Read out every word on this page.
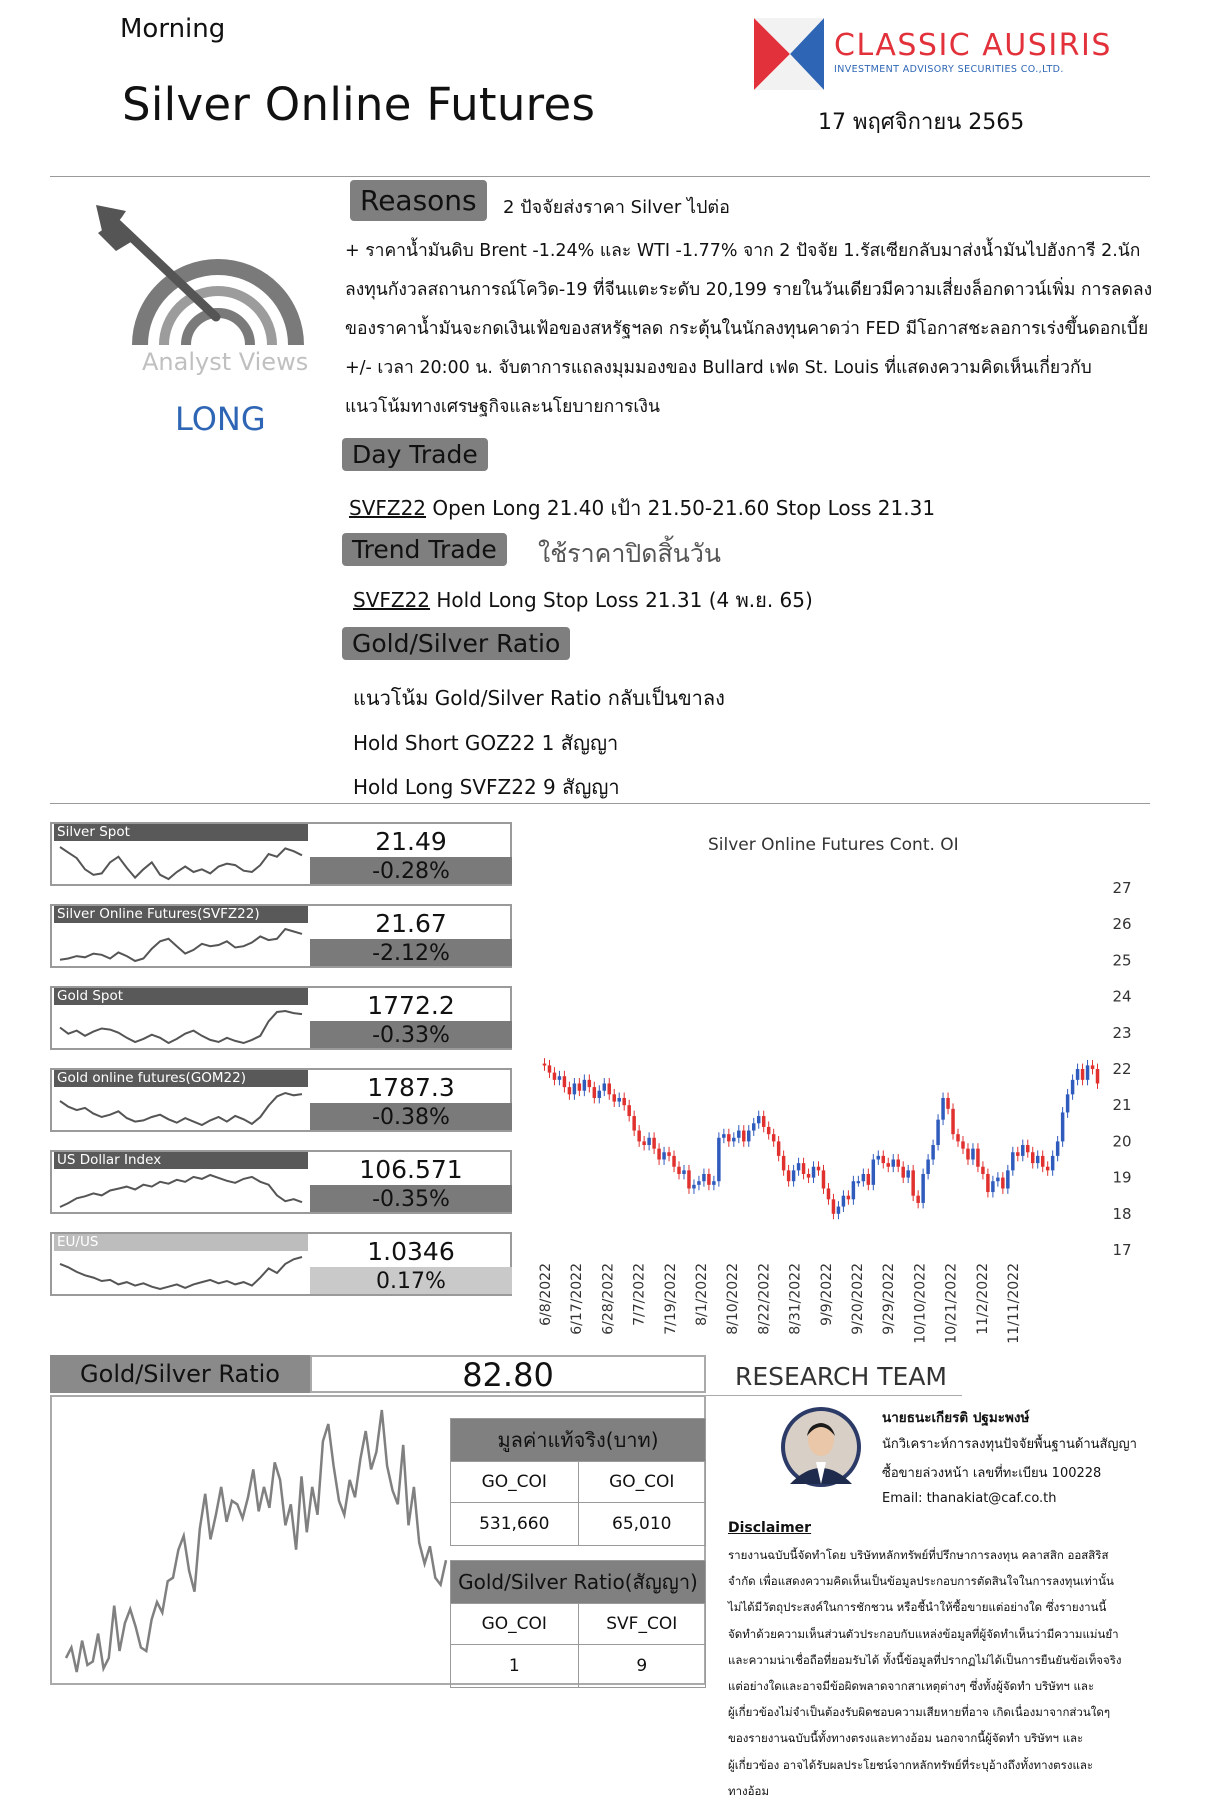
Morning
Silver Online Futures
CLASSIC AUSIRIS
INVESTMENT ADVISORY SECURITIES CO.,LTD.
17 พฤศจิกายน 2565
Analyst Views
LONG
Reasons	2 ปัจจัยส่งราคา Silver ไปต่อ
+ ราคาน้ำมันดิบ Brent -1.24% และ WTI -1.77% จาก 2 ปัจจัย 1.รัสเซียกลับมาส่งน้ำมันไปฮังการี 2.นัก
ลงทุนกังวลสถานการณ์โควิด-19 ที่จีนแตะระดับ 20,199 รายในวันเดียวมีความเสี่ยงล็อกดาวน์เพิ่ม การลดลง
ของราคาน้ำมันจะกดเงินเฟ้อของสหรัฐฯลด กระตุ้นในนักลงทุนคาดว่า FED มีโอกาสชะลอการเร่งขึ้นดอกเบี้ย
+/- เวลา 20:00 น. จับตาการแถลงมุมมองของ Bullard เฟด St. Louis ที่แสดงความคิดเห็นเกี่ยวกับ
แนวโน้มทางเศรษฐกิจและนโยบายการเงิน
Day Trade
SVFZ22 Open Long 21.40 เป้า 21.50-21.60 Stop Loss 21.31
Trend Trade	ใช้ราคาปิดสิ้นวัน
SVFZ22 Hold Long Stop Loss 21.31 (4 พ.ย. 65)
Gold/Silver Ratio
แนวโน้ม Gold/Silver Ratio กลับเป็นขาลง
Hold Short GOZ22 1 สัญญา
Hold Long SVFZ22 9 สัญญา
Silver Spot	21.49
-0.28%
Silver Online Futures(SVFZ22)	21.67
-2.12%
Gold Spot	1772.2
-0.33%
Gold online futures(GOM22)	1787.3
-0.38%
US Dollar Index	106.571
-0.35%
EU/US	1.0346
0.17%
Silver Online Futures Cont. OI
27
26
25
24
23
22
21
20
19
18
17
6/8/2022 6/17/2022 6/28/2022 7/7/2022 7/19/2022 8/1/2022 8/10/2022 8/22/2022 8/31/2022 9/9/2022 9/20/2022 9/29/2022 10/10/2022 10/21/2022 11/2/2022 11/11/2022
Gold/Silver Ratio	82.80
มูลค่าแท้จริง(บาท)	
GO_COI	GO_COI
531,660	65,010
Gold/Silver Ratio(สัญญา)	
GO_COI	SVF_COI
1	9
RESEARCH TEAM
นายธนะเกียรติ ปฐมะพงษ์
นักวิเคราะห์การลงทุนปัจจัยพื้นฐานด้านสัญญา
ซื้อขายล่วงหน้า เลขที่ทะเบียน 100228
Email: thanakiat@caf.co.th
Disclaimer
รายงานฉบับนี้จัดทำโดย บริษัทหลักทรัพย์ที่ปรึกษาการลงทุน คลาสสิก ออสสิริส
จำกัด เพื่อแสดงความคิดเห็นเป็นข้อมูลประกอบการตัดสินใจในการลงทุนเท่านั้น
ไม่ได้มีวัตถุประสงค์ในการชักชวน หรือชี้นำให้ซื้อขายแต่อย่างใด ซึ่งรายงานนี้
จัดทำด้วยความเห็นส่วนตัวประกอบกับแหล่งข้อมูลที่ผู้จัดทำเห็นว่ามีความแม่นยำ
และความน่าเชื่อถือที่ยอมรับได้ ทั้งนี้ข้อมูลที่ปรากฏไม่ได้เป็นการยืนยันข้อเท็จจริง
แต่อย่างใดและอาจมีข้อผิดพลาดจากสาเหตุต่างๆ ซึ่งทั้งผู้จัดทำ บริษัทฯ และ
ผู้เกี่ยวข้องไม่จำเป็นต้องรับผิดชอบความเสียหายที่อาจ เกิดเนื่องมาจากส่วนใดๆ
ของรายงานฉบับนี้ทั้งทางตรงและทางอ้อม นอกจากนี้ผู้จัดทำ บริษัทฯ และ
ผู้เกี่ยวข้อง อาจได้รับผลประโยชน์จากหลักทรัพย์ที่ระบุอ้างถึงทั้งทางตรงและ
ทางอ้อม
